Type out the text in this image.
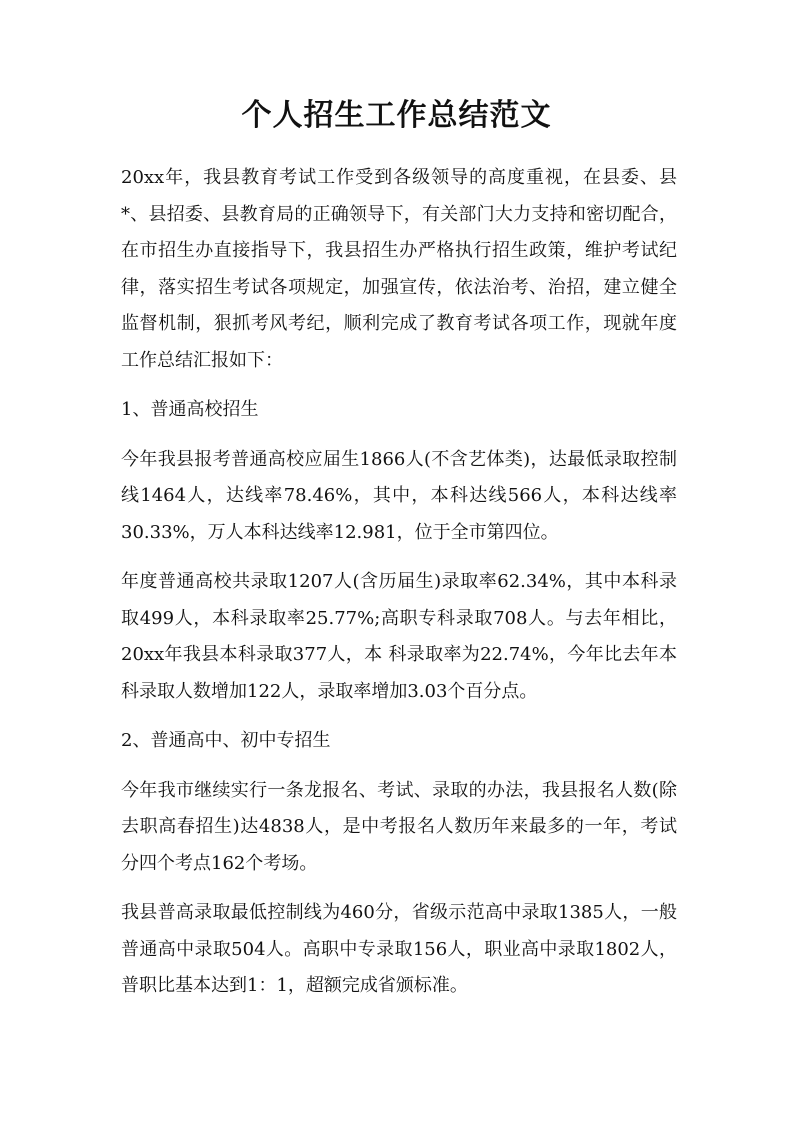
个人招生工作总结范文

20xx年，我县教育考试工作受到各级领导的高度重视，在县委、县*、县招委、县教育局的正确领导下，有关部门大力支持和密切配合，在市招生办直接指导下，我县招生办严格执行招生政策，维护考试纪律，落实招生考试各项规定，加强宣传，依法治考、治招，建立健全监督机制，狠抓考风考纪，顺利完成了教育考试各项工作，现就年度工作总结汇报如下：

1、普通高校招生

今年我县报考普通高校应届生1866人(不含艺体类)，达最低录取控制线1464人，达线率78.46%，其中，本科达线566人，本科达线率30.33%，万人本科达线率12.981，位于全市第四位。

年度普通高校共录取1207人(含历届生)录取率62.34%，其中本科录取499人，本科录取率25.77%;高职专科录取708人。与去年相比，20xx年我县本科录取377人，本 科录取率为22.74%，今年比去年本科录取人数增加122人，录取率增加3.03个百分点。

2、普通高中、初中专招生

今年我市继续实行一条龙报名、考试、录取的办法，我县报名人数(除去职高春招生)达4838人，是中考报名人数历年来最多的一年，考试分四个考点162个考场。

我县普高录取最低控制线为460分，省级示范高中录取1385人，一般普通高中录取504人。高职中专录取156人，职业高中录取1802人，普职比基本达到1：1，超额完成省颁标准。
